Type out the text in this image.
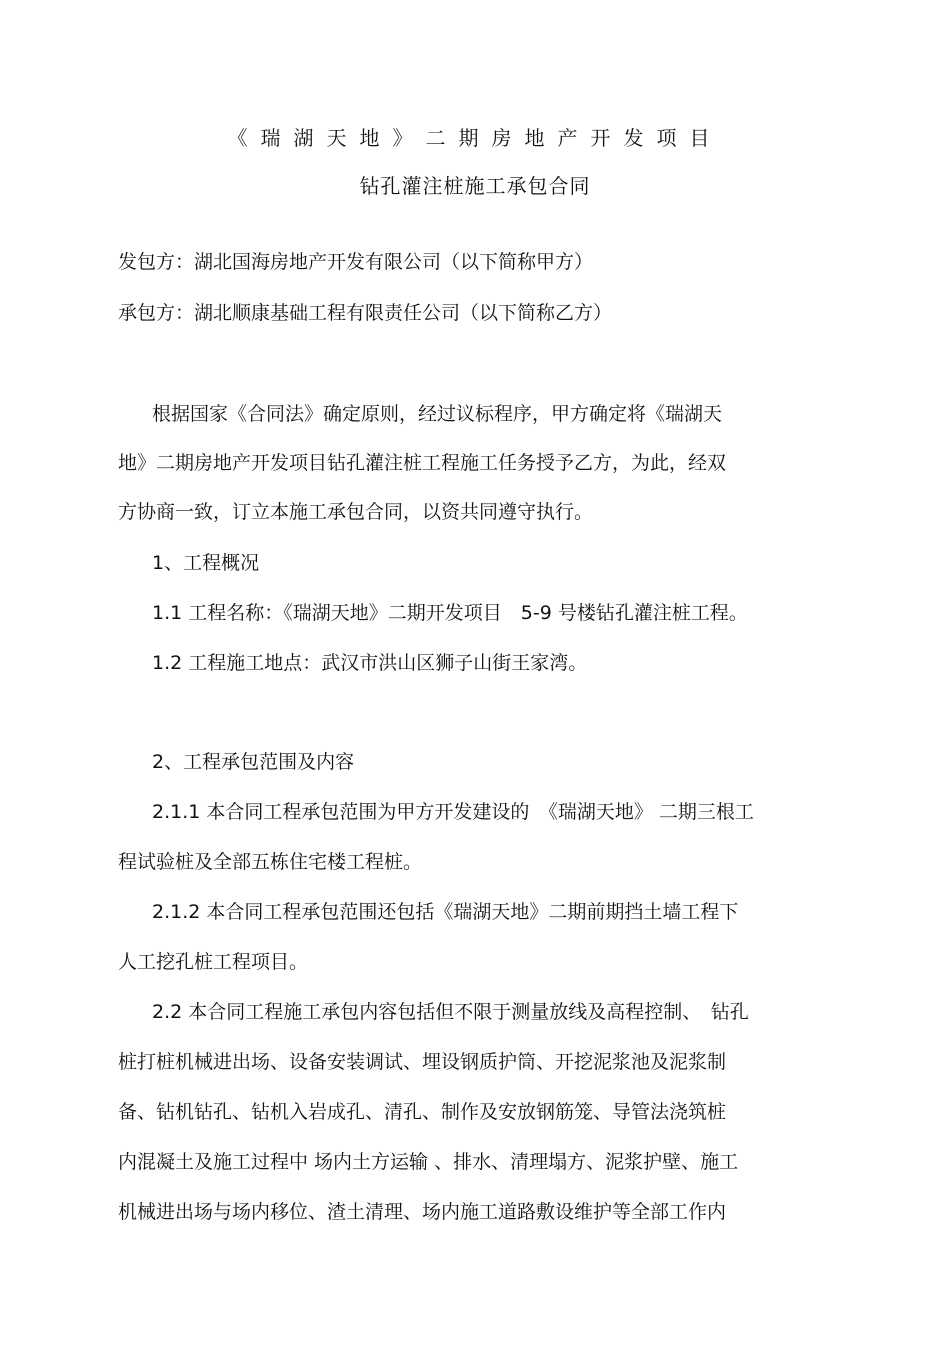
《瑞湖天地》二期房地产开发项目
钻孔灌注桩施工承包合同
发包方：湖北国海房地产开发有限公司（以下简称甲方）
承包方：湖北顺康基础工程有限责任公司（以下简称乙方）
根据国家《合同法》确定原则，经过议标程序，甲方确定将《瑞湖天
地》二期房地产开发项目钻孔灌注桩工程施工任务授予乙方，为此，经双
方协商一致，订立本施工承包合同，以资共同遵守执行。
1、工程概况
1.1 工程名称：《瑞湖天地》二期开发项目　5-9 号楼钻孔灌注桩工程。
1.2 工程施工地点：武汉市洪山区狮子山街王家湾。
2、工程承包范围及内容
2.1.1 本合同工程承包范围为甲方开发建设的　《瑞湖天地》 二期三根工
程试验桩及全部五栋住宅楼工程桩。
2.1.2 本合同工程承包范围还包括《瑞湖天地》二期前期挡土墙工程下
人工挖孔桩工程项目。
2.2 本合同工程施工承包内容包括但不限于测量放线及高程控制、　钻孔
桩打桩机械进出场、设备安装调试、埋设钢质护筒、开挖泥浆池及泥浆制
备、钻机钻孔、钻机入岩成孔、清孔、制作及安放钢筋笼、导管法浇筑桩
内混凝土及施工过程中 场内土方运输 、排水、清理塌方、泥浆护壁、施工
机械进出场与场内移位、渣土清理、场内施工道路敷设维护等全部工作内
